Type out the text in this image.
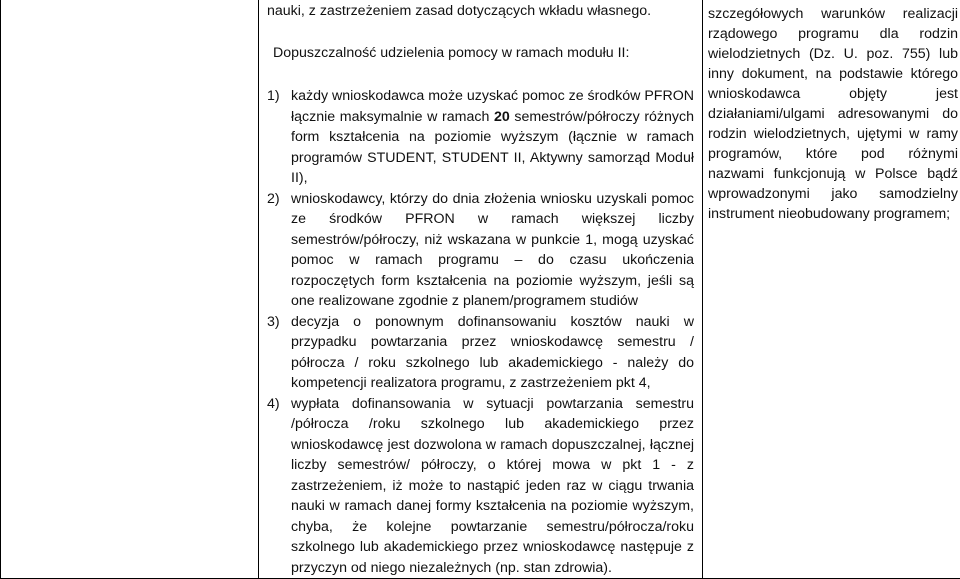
nauki, z zastrzeżeniem zasad dotyczących wkładu własnego.

Dopuszczalność udzielenia pomocy w ramach modułu II:

1) każdy wnioskodawca może uzyskać pomoc ze środków PFRON łącznie maksymalnie w ramach 20 semestrów/półroczy różnych form kształcenia na poziomie wyższym (łącznie w ramach programów STUDENT, STUDENT II, Aktywny samorząd Moduł II),
2) wnioskodawcy, którzy do dnia złożenia wniosku uzyskali pomoc ze środków PFRON w ramach większej liczby semestrów/półroczy, niż wskazana w punkcie 1, mogą uzyskać pomoc w ramach programu – do czasu ukończenia rozpoczętych form kształcenia na poziomie wyższym, jeśli są one realizowane zgodnie z planem/programem studiów
3) decyzja o ponownym dofinansowaniu kosztów nauki w przypadku powtarzania przez wnioskodawcę semestru / półrocza / roku szkolnego lub akademickiego - należy do kompetencji realizatora programu, z zastrzeżeniem pkt 4,
4) wypłata dofinansowania w sytuacji powtarzania semestru /półrocza /roku szkolnego lub akademickiego przez wnioskodawcę jest dozwolona w ramach dopuszczalnej, łącznej liczby semestrów/ półroczy, o której mowa w pkt 1 - z zastrzeżeniem, iż może to nastąpić jeden raz w ciągu trwania nauki w ramach danej formy kształcenia na poziomie wyższym, chyba, że kolejne powtarzanie semestru/półrocza/roku szkolnego lub akademickiego przez wnioskodawcę następuje z przyczyn od niego niezależnych (np. stan zdrowia).

szczegółowych warunków realizacji rządowego programu dla rodzin wielodzietnych (Dz. U. poz. 755) lub inny dokument, na podstawie którego wnioskodawca objęty jest działaniami/ulgami adresowanymi do rodzin wielodzietnych, ujętymi w ramy programów, które pod różnymi nazwami funkcjonują w Polsce bądź wprowadzonymi jako samodzielny instrument nieobudowany programem;
